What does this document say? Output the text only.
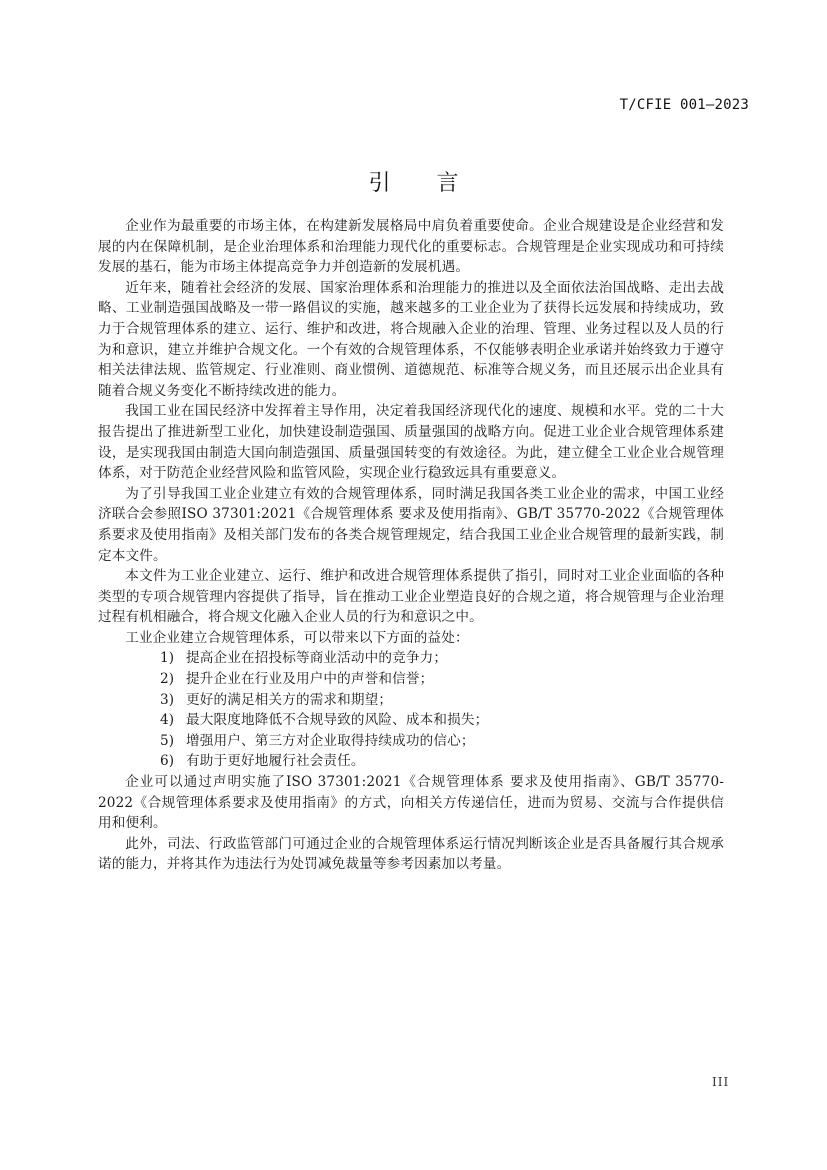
T/CFIE 001—2023
引 言

企业作为最重要的市场主体，在构建新发展格局中肩负着重要使命。企业合规建设是企业经营和发展的内在保障机制，是企业治理体系和治理能力现代化的重要标志。合规管理是企业实现成功和可持续发展的基石，能为市场主体提高竞争力并创造新的发展机遇。

近年来，随着社会经济的发展、国家治理体系和治理能力的推进以及全面依法治国战略、走出去战略、工业制造强国战略及一带一路倡议的实施，越来越多的工业企业为了获得长远发展和持续成功，致力于合规管理体系的建立、运行、维护和改进，将合规融入企业的治理、管理、业务过程以及人员的行为和意识，建立并维护合规文化。一个有效的合规管理体系，不仅能够表明企业承诺并始终致力于遵守相关法律法规、监管规定、行业准则、商业惯例、道德规范、标准等合规义务，而且还展示出企业具有随着合规义务变化不断持续改进的能力。

我国工业在国民经济中发挥着主导作用，决定着我国经济现代化的速度、规模和水平。党的二十大报告提出了推进新型工业化，加快建设制造强国、质量强国的战略方向。促进工业企业合规管理体系建设，是实现我国由制造大国向制造强国、质量强国转变的有效途径。为此，建立健全工业企业合规管理体系，对于防范企业经营风险和监管风险，实现企业行稳致远具有重要意义。

为了引导我国工业企业建立有效的合规管理体系，同时满足我国各类工业企业的需求，中国工业经济联合会参照ISO 37301:2021《合规管理体系 要求及使用指南》、GB/T 35770-2022《合规管理体系要求及使用指南》及相关部门发布的各类合规管理规定，结合我国工业企业合规管理的最新实践，制定本文件。

本文件为工业企业建立、运行、维护和改进合规管理体系提供了指引，同时对工业企业面临的各种类型的专项合规管理内容提供了指导，旨在推动工业企业塑造良好的合规之道，将合规管理与企业治理过程有机相融合，将合规文化融入企业人员的行为和意识之中。

工业企业建立合规管理体系，可以带来以下方面的益处：

1) 提高企业在招投标等商业活动中的竞争力；
2) 提升企业在行业及用户中的声誉和信誉；
3) 更好的满足相关方的需求和期望；
4) 最大限度地降低不合规导致的风险、成本和损失；
5) 增强用户、第三方对企业取得持续成功的信心；
6) 有助于更好地履行社会责任。

企业可以通过声明实施了ISO 37301:2021《合规管理体系 要求及使用指南》、GB/T 35770-2022《合规管理体系要求及使用指南》的方式，向相关方传递信任，进而为贸易、交流与合作提供信用和便利。

此外，司法、行政监管部门可通过企业的合规管理体系运行情况判断该企业是否具备履行其合规承诺的能力，并将其作为违法行为处罚减免裁量等参考因素加以考量。

III
